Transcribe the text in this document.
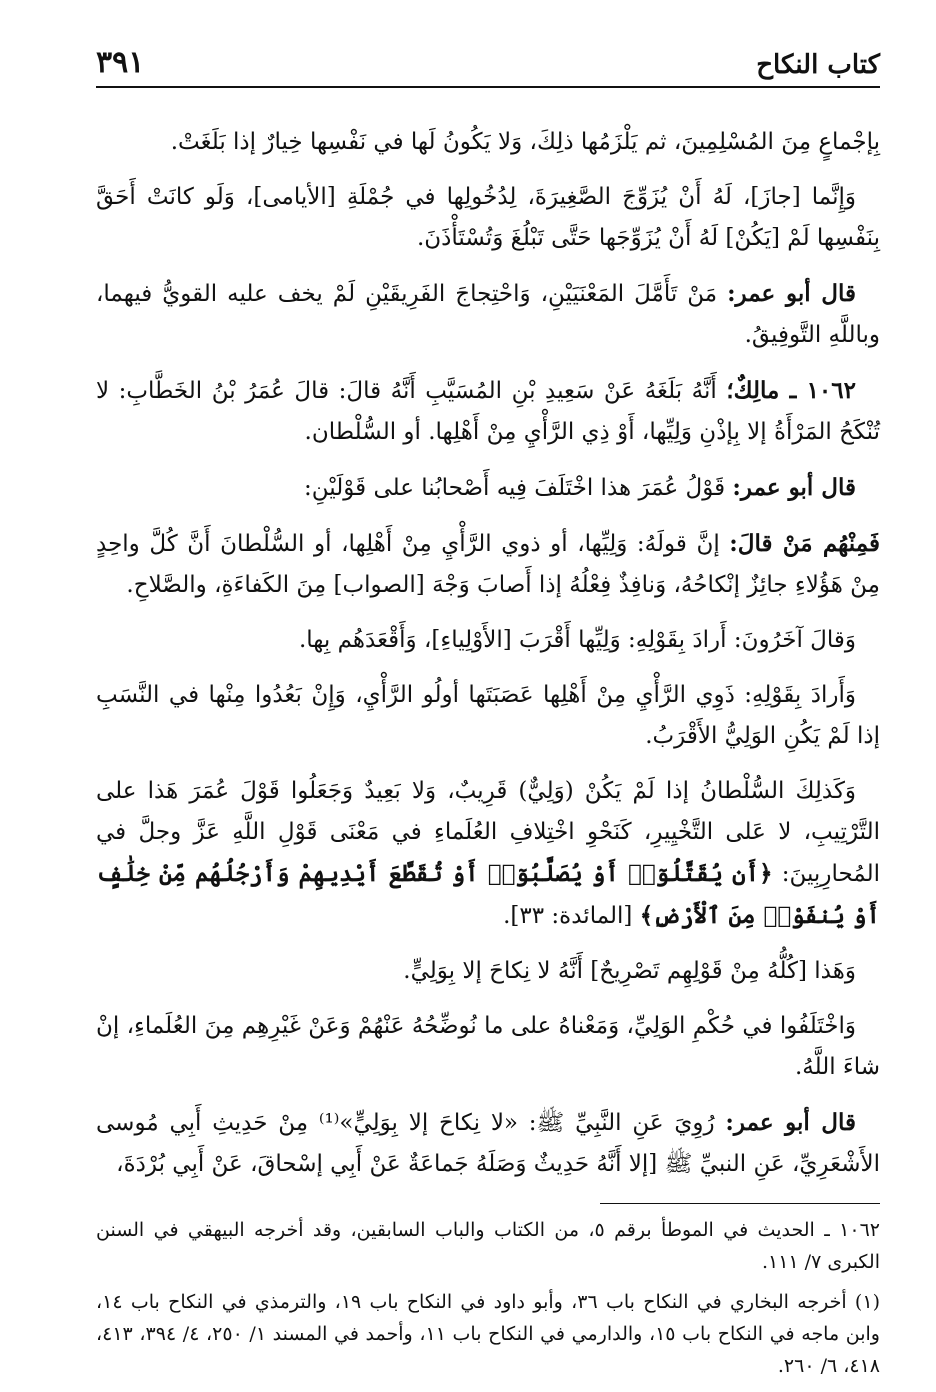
كتاب النكاح
٣٩١

بِإجْماعٍ مِنَ المُسْلِمِينَ، ثم يَلْزَمُها ذلِكَ، وَلا يَكُونُ لَها في نَفْسِها خِيارٌ إذا بَلَغَتْ.

وَإِنَّما [جازَ]، لَهُ أَنْ يُزَوِّجَ الصَّغِيرَةَ، لِدُخُولِها في جُمْلَةِ [الأيامى]، وَلَو كانَتْ أَحَقَّ بِنَفْسِها لَمْ [يَكُنْ] لَهُ أَنْ يُزَوِّجَها حَتَّى تَبْلُغَ وَتُسْتَأْذَنَ.

قال أبو عمر: مَنْ تَأَمَّلَ المَعْنَيَيْنِ، وَاحْتِجاجَ الفَرِيقَيْنِ لَمْ يخف عليه القويُّ فيهما، وباللَّهِ التَّوفِيقُ.

١٠٦٢ ـ مالِكٌ؛ أَنَّهُ بَلَغَهُ عَنْ سَعِيدِ بْنِ المُسَيَّبِ أَنَّهُ قالَ: قالَ عُمَرُ بْنُ الخَطَّابِ: لا تُنْكَحُ المَرْأَةُ إلا بِإذْنِ وَلِيِّها، أَوْ ذِي الرَّأْيِ مِنْ أَهْلِها. أو السُّلْطان.

قال أبو عمر: قَوْلُ عُمَرَ هذا اخْتَلَفَ فِيه أَصْحابُنا على قَوْلَيْنِ:

فَمِنْهُم مَنْ قالَ: إنَّ قولَهُ: وَلِيِّها، أو ذوي الرَّأْيِ مِنْ أَهْلِها، أو السُّلْطانَ أَنَّ كُلَّ واحِدٍ مِنْ هَؤُلاءِ جائِزٌ إنْكاحُهُ، وَنافِذٌ فِعْلُهُ إذا أَصابَ وَجْهَ [الصواب] مِنَ الكَفاءَةِ، والصَّلاحِ.

وَقالَ آخَرُونَ: أَرادَ بِقَوْلِهِ: وَلِيِّها أَقْرَبَ [الأَوْلِياءِ]، وَأَقْعَدَهُم بِها.

وَأَرادَ بِقَوْلِهِ: ذَوِي الرَّأْيِ مِنْ أَهْلِها عَصَبَتَها أولُو الرَّأْيِ، وَإِنْ بَعُدُوا مِنْها في النَّسَبِ إذا لَمْ يَكُنِ الوَلِيُّ الأَقْرَبُ.

وَكَذلِكَ السُّلْطانُ إذا لَمْ يَكُنْ (وَلِيٌّ) قَرِيبٌ، وَلا بَعِيدٌ وَجَعَلُوا قَوْلَ عُمَرَ هَذا على التَّرْتِيبِ، لا عَلى التَّخْيِيرِ، كَنَحْوِ اخْتِلافِ العُلَماءِ في مَعْنَى قَوْلِ اللَّهِ عَزَّ وجلَّ في المُحارِبِينَ: ﴿أَن يُقَتَّلُوٓا۟ أَوْ يُصَلَّبُوٓا۟ أَوْ تُقَطَّعَ أَيْدِيهِمْ وَأَرْجُلُهُم مِّنْ خِلَٰفٍ أَوْ يُنفَوْا۟ مِنَ ٱلْأَرْضِ﴾ [المائدة: ٣٣].

وَهَذا [كُلُّهُ مِنْ قَوْلِهِم تَصْرِيحٌ] أَنَّهُ لا نِكاحَ إلا بِوَلِيٍّ.

وَاخْتَلَفُوا في حُكْمِ الوَلِيِّ، وَمَعْناهُ على ما نُوضِّحُهُ عَنْهُمْ وَعَنْ غَيْرِهِم مِنَ العُلَماءِ، إنْ شاءَ اللَّهُ.

قال أبو عمر: رُوِيَ عَنِ النَّبِيِّ ﷺ: «لا نِكاحَ إلا بِوَلِيٍّ»⁽¹⁾ مِنْ حَدِيثِ أَبِي مُوسى الأَشْعَرِيِّ، عَنِ النبيِّ ﷺ [إلا أَنَّهُ حَدِيثٌ وَصَلَهُ جَماعَةٌ عَنْ أَبِي إسْحاقَ، عَنْ أَبِي بُرْدَةَ،

١٠٦٢ ـ الحديث في الموطأ برقم ٥، من الكتاب والباب السابقين، وقد أخرجه البيهقي في السنن الكبرى ٧/ ١١١.

(١) أخرجه البخاري في النكاح باب ٣٦، وأبو داود في النكاح باب ١٩، والترمذي في النكاح باب ١٤، وابن ماجه في النكاح باب ١٥، والدارمي في النكاح باب ١١، وأحمد في المسند ١/ ٢٥٠، ٤/ ٣٩٤، ٤١٣، ٤١٨، ٦/ ٢٦٠.
